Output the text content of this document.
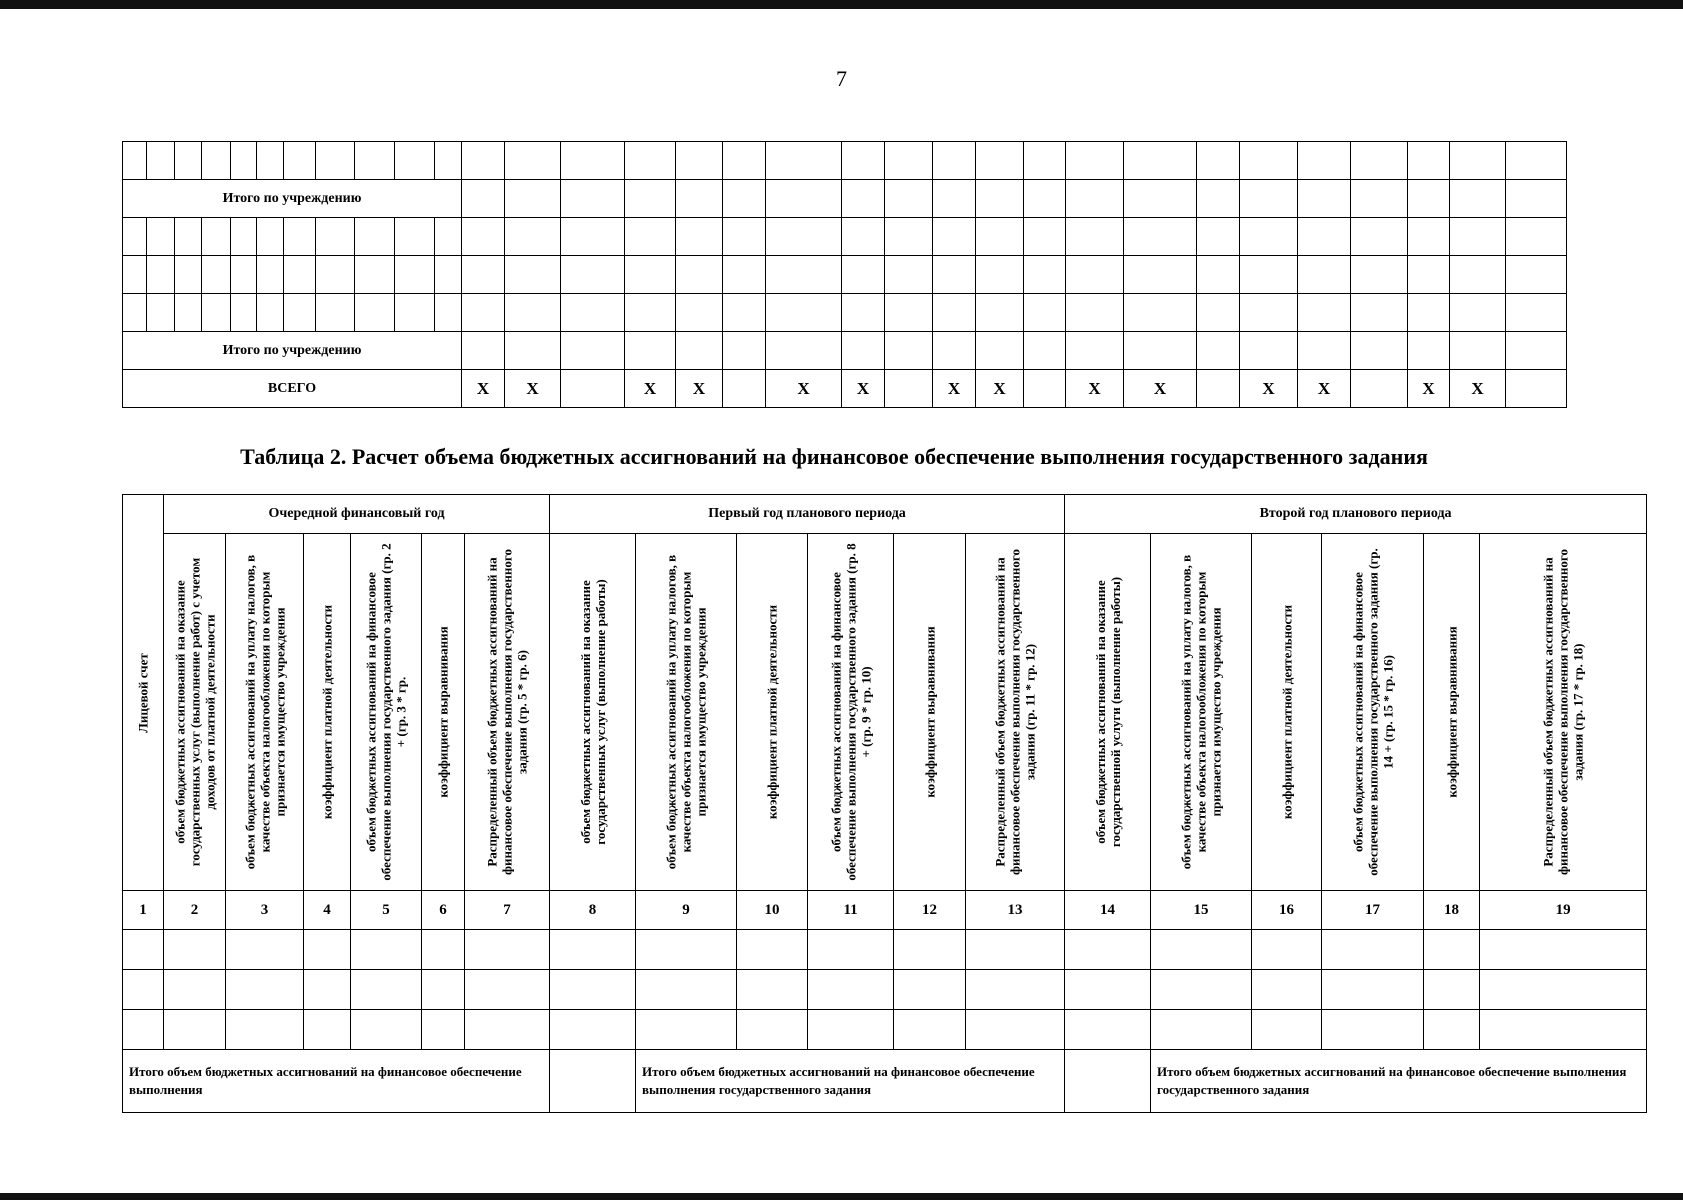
7

Итого по учреждению																															

Итого по учреждению																															
ВСЕГО											X	X		X	X		X	X		X	X		X	X		X	X		X	X	
Таблица 2. Расчет объема бюджетных ассигнований на финансовое обеспечение выполнения государственного задания
Лицевой счет	Очередной финансовый год						Первый год планового периода						Второй год планового периода						

	объем бюджетных ассигнований на оказание государственных услуг (выполнение работ) с учетом доходов от платной деятельности	объем бюджетных ассигнований на уплату налогов, в качестве объекта налогообложения по которым признается имущество учреждения	коэффициент платной деятельности	объем бюджетных ассигнований на финансовое обеспечение выполнения государственного задания (гр. 2 + (гр. 3 * гр.	коэффициент выравнивания	Распределенный объем бюджетных ассигнований на финансовое обеспечение выполнения государственного задания (гр. 5 * гр. 6)	объем бюджетных ассигнований на оказание государственных услуг (выполнение работы)	объем бюджетных ассигнований на уплату налогов, в качестве объекта налогообложения по которым признается имущество учреждения	коэффициент платной деятельности	объем бюджетных ассигнований на финансовое обеспечение выполнения государственного задания (гр. 8 + (гр. 9 * гр. 10)	коэффициент выравнивания	Распределенный объем бюджетных ассигнований на финансовое обеспечение выполнения государственного задания (гр. 11 * гр. 12)	объем бюджетных ассигнований на оказание государственной услуги (выполнение работы)	объем бюджетных ассигнований на уплату налогов, в качестве объекта налогообложения по которым признается имущество учреждения	коэффициент платной деятельности	объем бюджетных ассигнований на финансовое обеспечение выполнения государственного задания (гр. 14 + (гр. 15 * гр. 16)	коэффициент выравнивания	Распределенный объем бюджетных ассигнований на финансовое обеспечение выполнения государственного задания (гр. 17 * гр. 18)	

1	2	3	4	5	6	7	8	9	10	11	12	13	14	15	16	17	18	19	

Итого объем бюджетных ассигнований на финансовое обеспечение выполнения								Итого объем бюджетных ассигнований на финансовое обеспечение выполнения государственного задания						Итого объем бюджетных ассигнований на финансовое обеспечение выполнения государственного задания					
